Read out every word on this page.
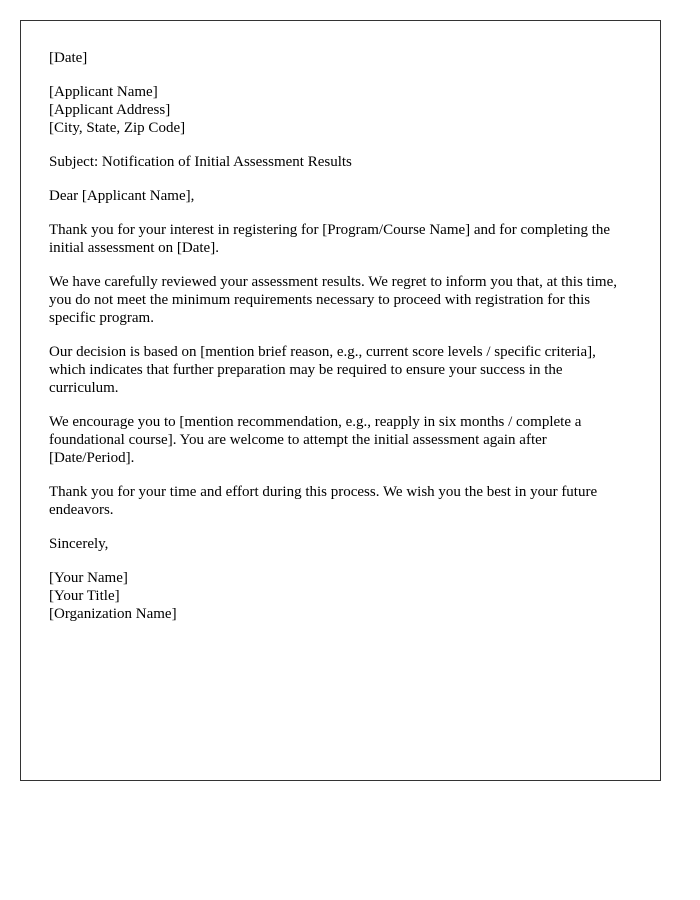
[Date]

[Applicant Name]
[Applicant Address]
[City, State, Zip Code]

Subject: Notification of Initial Assessment Results

Dear [Applicant Name],

Thank you for your interest in registering for [Program/Course Name] and for completing the initial assessment on [Date].

We have carefully reviewed your assessment results. We regret to inform you that, at this time, you do not meet the minimum requirements necessary to proceed with registration for this specific program.

Our decision is based on [mention brief reason, e.g., current score levels / specific criteria], which indicates that further preparation may be required to ensure your success in the curriculum.

We encourage you to [mention recommendation, e.g., reapply in six months / complete a foundational course]. You are welcome to attempt the initial assessment again after [Date/Period].

Thank you for your time and effort during this process. We wish you the best in your future endeavors.

Sincerely,

[Your Name]
[Your Title]
[Organization Name]
